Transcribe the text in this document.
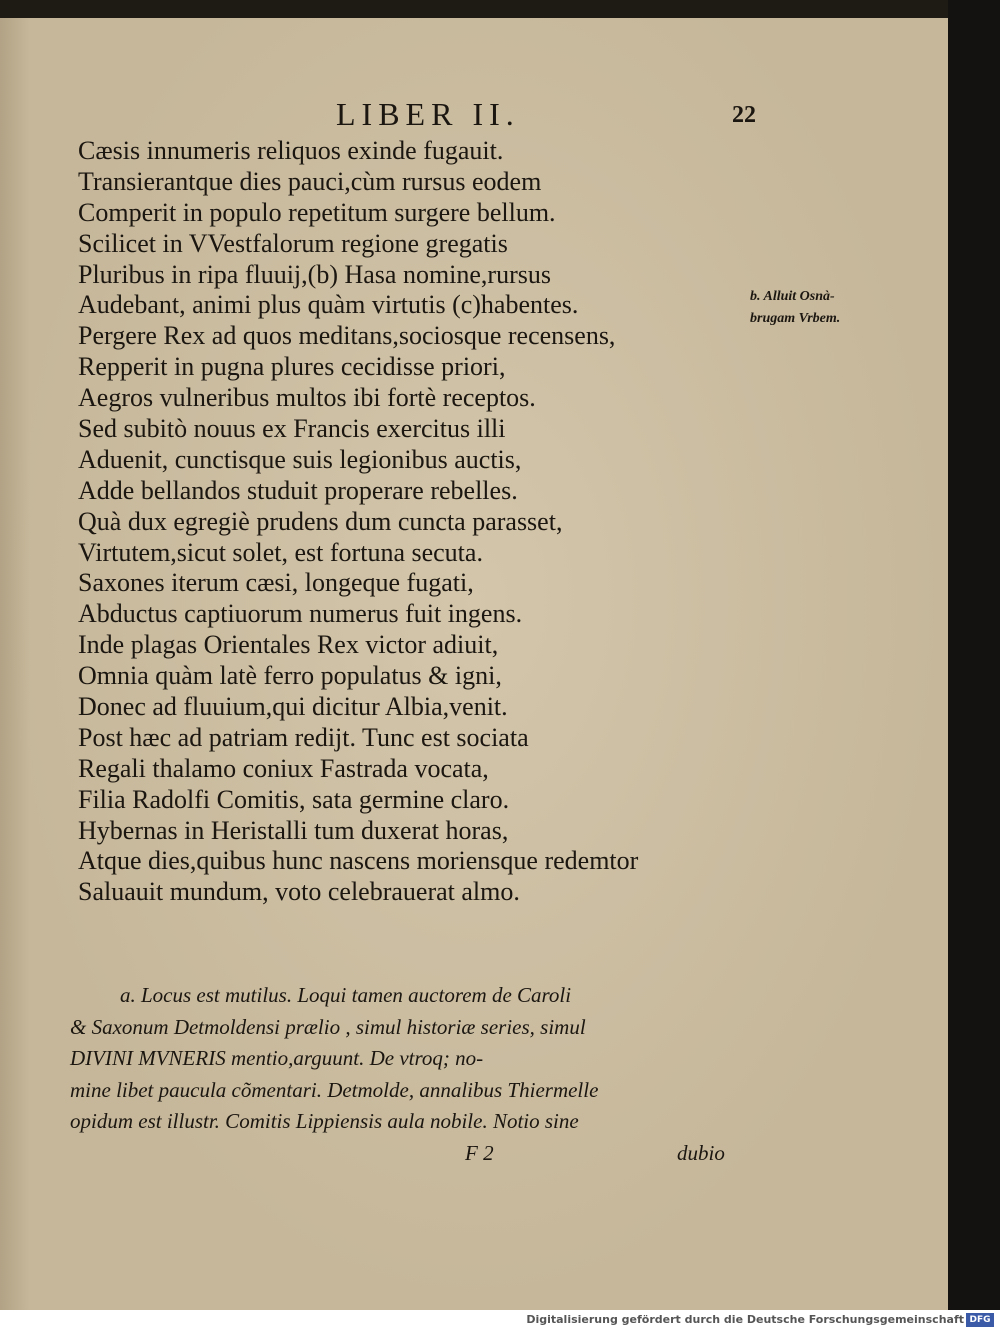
LIBER II.	22
Cæsis innumeris reliquos exinde fugauit.
Transierantque dies pauci,cùm rursus eodem
Comperit in populo repetitum surgere bellum.
Scilicet in VVestfalorum regione gregatis
Pluribus in ripa fluuij,(b) Hasa nomine,rursus
Audebant, animi plus quàm virtutis (c)habentes.
Pergere Rex ad quos meditans,sociosque recensens,
Repperit in pugna plures cecidisse priori,
Aegros vulneribus multos ibi fortè receptos.
Sed subitò nouus ex Francis exercitus illi
Aduenit, cunctisque suis legionibus auctis,
Adde bellandos studuit properare rebelles.
Quà dux egregiè prudens dum cuncta parasset,
Virtutem,sicut solet, est fortuna secuta.
Saxones iterum cæsi, longeque fugati,
Abductus captiuorum numerus fuit ingens.
Inde plagas Orientales Rex victor adiuit,
Omnia quàm latè ferro populatus & igni,
Donec ad fluuium,qui dicitur Albia,venit.
Post hæc ad patriam redijt. Tunc est sociata
Regali thalamo coniux Fastrada vocata,
Filia Radolfi Comitis, sata germine claro.
Hybernas in Heristalli tum duxerat horas,
Atque dies,quibus hunc nascens moriensque redemtor
Saluauit mundum, voto celebrauerat almo.
b. Alluit Osnà-
brugam Vrbem.
a. Locus est mutilus. Loqui tamen auctorem de Caroli
& Saxonum Detmoldensi prælio , simul historiæ series, simul
DIVINI MVNERIS mentio,arguunt. De vtroq; no-
mine libet paucula cõmentari. Detmolde, annalibus Thiermelle
opidum est illustr. Comitis Lippiensis aula nobile. Notio sine
F 2	dubio
Digitalisierung gefördert durch die Deutsche Forschungsgemeinschaft DFG
